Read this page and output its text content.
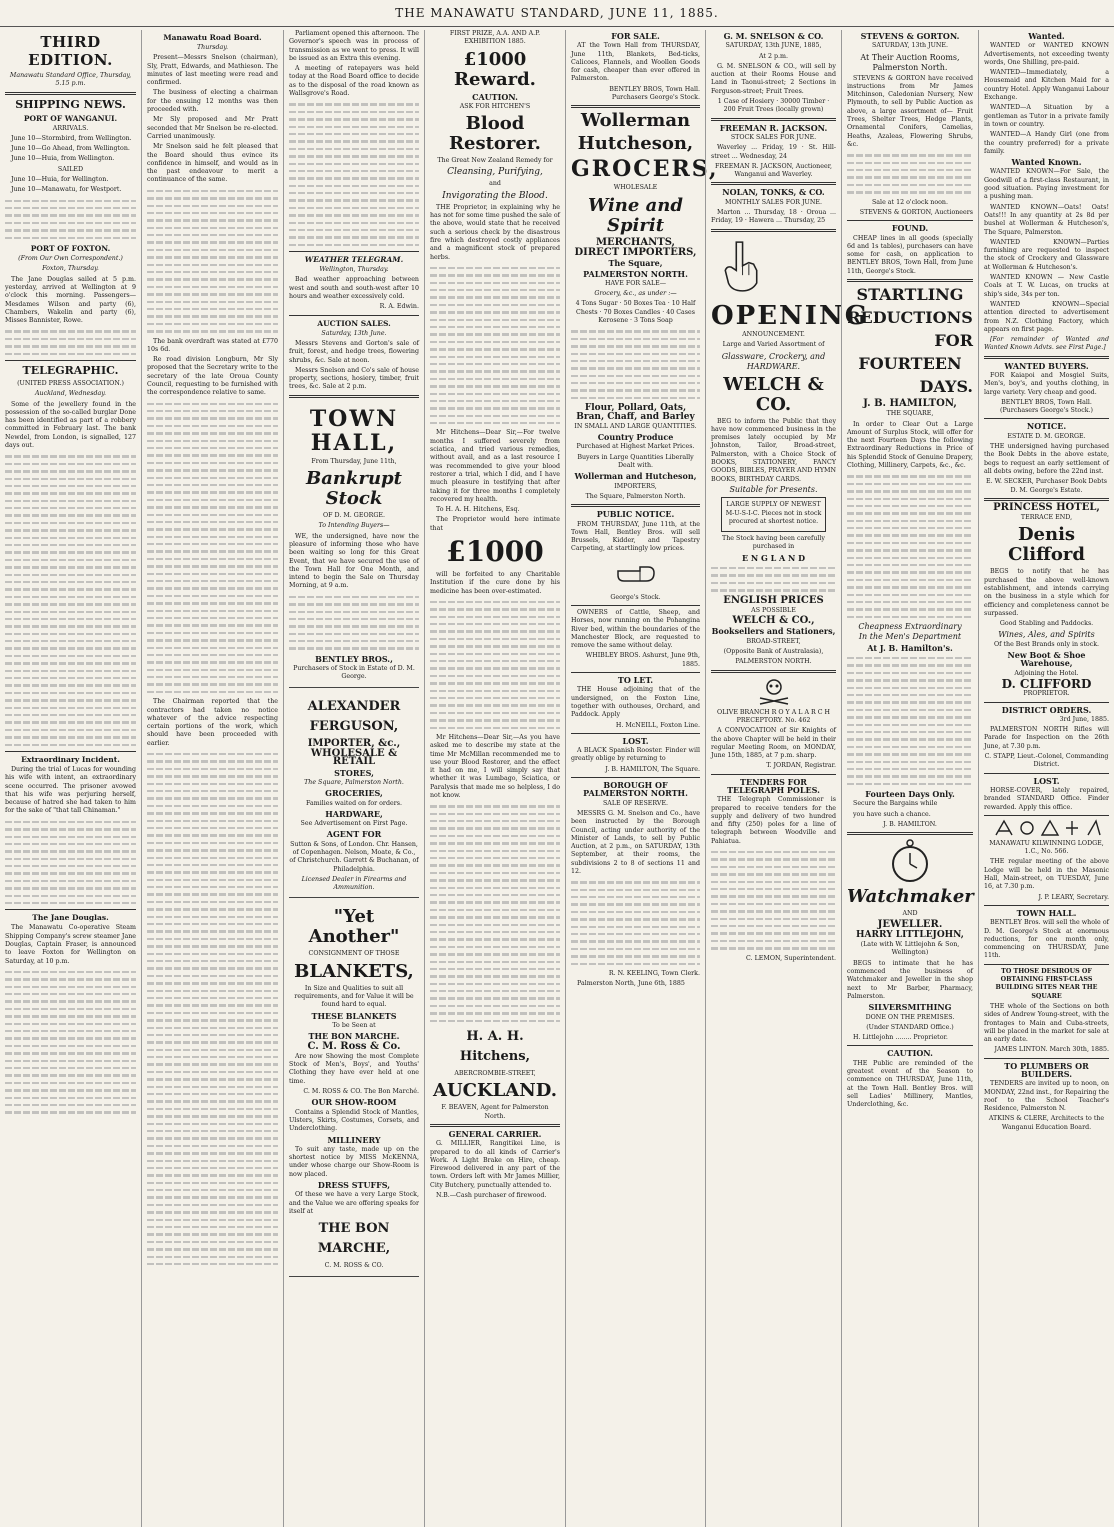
THE MANAWATU STANDARD, JUNE 11, 1885.
THIRD EDITION.

Manawatu Standard Office, Thursday, 5.15 p.m.

SHIPPING NEWS.
PORT OF WANGANUI.

ARRIVALS.

June 10—Stormbird, from Wellington.

June 10—Go Ahead, from Wellington.

June 10—Huia, from Wellington.

SAILED

June 10—Huia, for Wellington.

June 10—Manawatu, for Westport.

PORT OF FOXTON.

(From Our Own Correspondent.)

Foxton, Thursday.

The Jane Douglas sailed at 5 p.m. yesterday, arrived at Wellington at 9 o'clock this morning. Passengers—Mesdames Wilson and party (6), Chambers, Wakelin and party (6), Misses Bannister, Rowe.

TELEGRAPHIC.

(UNITED PRESS ASSOCIATION.)

Auckland, Wednesday.

Some of the jewellery found in the possession of the so-called burglar Done has been identified as part of a robbery committed in February last. The bank Newdel, from London, is signalled, 127 days out.

Extraordinary Incident.

During the trial of Lucas for wounding his wife with intent, an extraordinary scene occurred. The prisoner avowed that his wife was perjuring herself, because of hatred she had taken to him for the sake of "that tall Chinaman."

The Jane Douglas.

The Manawatu Co-operative Steam Shipping Company's screw steamer Jane Douglas, Captain Fraser, is announced to leave Foxton for Wellington on Saturday, at 10 p.m.

Manawatu Road Board.

Thursday.

Present—Messrs Snelson (chairman), Sly, Pratt, Edwards, and Mathieson. The minutes of last meeting were read and confirmed.

The business of electing a chairman for the ensuing 12 months was then proceeded with.

Mr Sly proposed and Mr Pratt seconded that Mr Snelson be re-elected. Carried unanimously.

Mr Snelson said he felt pleased that the Board should thus evince its confidence in himself, and would as in the past endeavour to merit a continuance of the same.

The bank overdraft was stated at £770 10s 6d.

Re road division Longburn, Mr Sly proposed that the Secretary write to the secretary of the late Oroua County Council, requesting to be furnished with the correspondence relative to same.

The Chairman reported that the contractors had taken no notice whatever of the advice respecting certain portions of the work, which should have been proceeded with earlier.

Parliament opened this afternoon. The Governor's speech was in process of transmission as we went to press. It will be issued as an Extra this evening.

A meeting of ratepayers was held today at the Road Board office to decide as to the disposal of the road known as Wallsgrove's Road.

WEATHER TELEGRAM.

Wellington, Thursday.

Bad weather approaching between west and south and south-west after 10 hours and weather excessively cold.

R. A. Edwin.

AUCTION SALES.

Saturday, 13th June.

Messrs Stevens and Gorton's sale of fruit, forest, and hedge trees, flowering shrubs, &c. Sale at noon.

Messrs Snelson and Co's sale of house property, sections, hosiery, timber, fruit trees, &c. Sale at 2 p.m.

TOWN HALL,

From Thursday, June 11th,

Bankrupt Stock

OF D. M. GEORGE.

To Intending Buyers—

WE, the undersigned, have now the pleasure of informing those who have been waiting so long for this Great Event, that we have secured the use of the Town Hall for One Month, and intend to begin the Sale on Thursday Morning, at 9 a.m.

BENTLEY BROS.,

Purchasers of Stock in Estate of D. M. George.

ALEXANDER FERGUSON,
IMPORTER, &c.,
WHOLESALE & RETAIL
STORES,

The Square, Palmerston North.

GROCERIES,

Families waited on for orders.

HARDWARE,

See Advertisement on First Page.

AGENT FOR

Sutton & Sons, of London. Chr. Hansen, of Copenhagen. Nelson, Moate, & Co., of Christchurch. Garrett & Buchanan, of Philadelphia.

Licensed Dealer in Firearms and Ammunition.

"Yet Another"

CONSIGNMENT OF THOSE

BLANKETS,

In Size and Qualities to suit all requirements, and for Value it will be found hard to equal.

THESE BLANKETS

To be Seen at

THE BON MARCHE.
C. M. Ross & Co.

Are now Showing the most Complete Stock of Men's, Boys', and Youths' Clothing they have ever held at one time.

C. M. ROSS & CO. The Bon Marché.

OUR SHOW-ROOM

Contains a Splendid Stock of Mantles, Ulsters, Skirts, Costumes, Corsets, and Underclothing.

MILLINERY

To suit any taste, made up on the shortest notice by MISS McKENNA, under whose charge our Show-Room is now placed.

DRESS STUFFS,

Of these we have a very Large Stock, and the Value we are offering speaks for itself at

THE BON MARCHE,

C. M. ROSS & CO.

FIRST PRIZE, A.A. AND A.P. EXHIBITION 1885.

£1000 Reward.
CAUTION.

ASK FOR HITCHEN'S

Blood Restorer.

The Great New Zealand Remedy for

Cleansing, Purifying,

and

Invigorating the Blood.

THE Proprietor, in explaining why he has not for some time pushed the sale of the above, would state that he received such a serious check by the disastrous fire which destroyed costly appliances and a magnificent stock of prepared herbs.

Mr Hitchens—Dear Sir,—For twelve months I suffered severely from sciatica, and tried various remedies, without avail, and as a last resource I was recommended to give your blood restorer a trial, which I did, and I have much pleasure in testifying that after taking it for three months I completely recovered my health.

To H. A. H. Hitchens, Esq.

The Proprietor would here intimate that

£1000

will be forfeited to any Charitable Institution if the cure done by his medicine has been over-estimated.

Mr Hitchens—Dear Sir,—As you have asked me to describe my state at the time Mr McMillan recommended me to use your Blood Restorer, and the effect it had on me, I will simply say that whether it was Lumbago, Sciatica, or Paralysis that made me so helpless, I do not know.

H. A. H. Hitchens,

ABERCROMBIE-STREET,

AUCKLAND.

F. BEAVEN, Agent for Palmerston North.

GENERAL CARRIER.

G. MILLIER, Rangitikei Line, is prepared to do all kinds of Carrier's Work. A Light Brake on Hire, cheap. Firewood delivered in any part of the town. Orders left with Mr James Millier, City Butchery, punctually attended to.

N.B.—Cash purchaser of firewood.

FOR SALE.

AT the Town Hall from THURSDAY, June 11th, Blankets, Bed-ticks, Calicoes, Flannels, and Woollen Goods for cash, cheaper than ever offered in Palmerston.

BENTLEY BROS, Town Hall. Purchasers George's Stock.

Wollerman
Hutcheson,
GROCERS,

WHOLESALE

Wine and Spirit
MERCHANTS,
DIRECT IMPORTERS,
The Square,
PALMERSTON NORTH.

HAVE FOR SALE—

Grocery, &c., as under :—

4 Tons Sugar · 50 Boxes Tea · 10 Half Chests · 70 Boxes Candles · 40 Cases Kerosene · 3 Tons Soap

Flour, Pollard, Oats, Bran, Chaff, and Barley

IN SMALL AND LARGE QUANTITIES.

Country Produce

Purchased at Highest Market Prices.

Buyers in Large Quantities Liberally Dealt with.

Wollerman and Hutcheson,

IMPORTERS,

The Square, Palmerston North.

PUBLIC NOTICE.

FROM THURSDAY, June 11th, at the Town Hall, Bentley Bros. will sell Brussels, Kidder, and Tapestry Carpeting, at startlingly low prices.

George's Stock.

OWNERS of Cattle, Sheep, and Horses, now running on the Pohangina River bed, within the boundaries of the Manchester Block, are requested to remove the same without delay.

WHIBLEY BROS. Ashurst, June 9th, 1885.

TO LET.

THE House adjoining that of the undersigned, on the Foxton Line, together with outhouses, Orchard, and Paddock. Apply

H. McNEILL, Foxton Line.

LOST.

A BLACK Spanish Rooster. Finder will greatly oblige by returning to

J. B. HAMILTON, The Square.

BOROUGH OF PALMERSTON NORTH.

SALE OF RESERVE.

MESSRS G. M. Snelson and Co., have been instructed by the Borough Council, acting under authority of the Minister of Lands, to sell by Public Auction, at 2 p.m., on SATURDAY, 13th September, at their rooms, the subdivisions 2 to 8 of sections 11 and 12.

R. N. KEELING, Town Clerk.

Palmerston North, June 6th, 1885

G. M. SNELSON & CO.

SATURDAY, 13th JUNE, 1885,

At 2 p.m.

G. M. SNELSON & CO., will sell by auction at their Rooms House and Land in Taonui-street; 2 Sections in Ferguson-street; Fruit Trees.

1 Case of Hosiery · 30000 Timber · 200 Fruit Trees (locally grown)

FREEMAN R. JACKSON.

STOCK SALES FOR JUNE.

Waverley ... Friday, 19 · St. Hill-street ... Wednesday, 24

FREEMAN R. JACKSON, Auctioneer, Wanganui and Waverley.

NOLAN, TONKS, & CO.

MONTHLY SALES FOR JUNE.

Marton ... Thursday, 18 · Oroua ... Friday, 19 · Hawera ... Thursday, 25

OPENING

ANNOUNCEMENT.

Large and Varied Assortment of

Glassware, Crockery, and HARDWARE.

WELCH & CO.

BEG to inform the Public that they have now commenced business in the premises lately occupied by Mr Johnston, Tailor, Broad-street, Palmerston, with a Choice Stock of BOOKS, STATIONERY, FANCY GOODS, BIBLES, PRAYER AND HYMN BOOKS, BIRTHDAY CARDS.

Suitable for Presents.

LARGE SUPPLY OF NEWEST M-U-S-I-C. Pieces not in stock procured at shortest notice.

The Stock having been carefully purchased in

E N G L A N D
ENGLISH PRICES

AS POSSIBLE

WELCH & CO.,
Booksellers and Stationers,

BROAD-STREET,

(Opposite Bank of Australasia),

PALMERSTON NORTH.

OLIVE BRANCH R O Y A L A R C H PRECEPTORY. No. 462

A CONVOCATION of Sir Knights of the above Chapter will be held in their regular Meeting Room, on MONDAY, June 15th, 1885, at 7 p.m. sharp.

T. JORDAN, Registrar.

TENDERS FOR TELEGRAPH POLES.

THE Telegraph Commissioner is prepared to receive tenders for the supply and delivery of two hundred and fifty (250) poles for a line of telegraph between Woodville and Pahiatua.

C. LEMON, Superintendent.

STEVENS & GORTON.

SATURDAY, 13th JUNE.

At Their Auction Rooms, Palmerston North.

STEVENS & GORTON have received instructions from Mr James Mitchinson, Caledonian Nursery, New Plymouth, to sell by Public Auction as above, a large assortment of— Fruit Trees, Shelter Trees, Hedge Plants, Ornamental Conifers, Camelias, Heaths, Azaleas, Flowering Shrubs, &c.

Sale at 12 o'clock noon.

STEVENS & GORTON, Auctioneers

FOUND.

CHEAP lines in all goods (specially 6d and 1s tables), purchasers can have some for cash, on application to BENTLEY BROS, Town Hall, from June 11th, George's Stock.

STARTLING
REDUCTIONS
FOR
FOURTEEN
DAYS.
J. B. HAMILTON,

THE SQUARE,

In order to Clear Out a Large Amount of Surplus Stock, will offer for the next Fourteen Days the following Extraordinary Reductions in Price of his Splendid Stock of Genuine Drapery, Clothing, Millinery, Carpets, &c., &c.

Cheapness Extraordinary

In the Men's Department

At J. B. Hamilton's.
Fourteen Days Only.

Secure the Bargains while

you have such a chance.

J. B. HAMILTON.

Watchmaker

AND

JEWELLER.
HARRY LITTLEJOHN,

(Late with W. Littlejohn & Son, Wellington)

BEGS to intimate that he has commenced the business of Watchmaker and Jeweller in the shop next to Mr Barber, Pharmacy, Palmerston.

SILVERSMITHING

DONE ON THE PREMISES.

(Under STANDARD Office.)

H. Littlejohn ........ Proprietor.

CAUTION.

THE Public are reminded of the greatest event of the Season to commence on THURSDAY, June 11th, at the Town Hall. Bentley Bros. will sell Ladies' Millinery, Mantles, Underclothing, &c.

Wanted.

WANTED or WANTED KNOWN Advertisements, not exceeding twenty words, One Shilling, pre-paid.

WANTED—Immediately, a Housemaid and Kitchen Maid for a country Hotel. Apply Wanganui Labour Exchange.

WANTED—A Situation by a gentleman as Tutor in a private family in town or country.

WANTED—A Handy Girl (one from the country preferred) for a private family.

Wanted Known.

WANTED KNOWN—For Sale, the Goodwill of a first-class Restaurant, in good situation. Paying investment for a pushing man.

WANTED KNOWN—Oats! Oats! Oats!!! In any quantity at 2s 8d per bushel at Wollerman & Hutcheson's, The Square, Palmerston.

WANTED KNOWN—Parties furnishing are requested to inspect the stock of Crockery and Glassware at Wollerman & Hutcheson's.

WANTED KNOWN — New Castle Coals at T. W. Lucas, on trucks at ship's side, 34s per ton.

WANTED KNOWN—Special attention directed to advertisement from N.Z. Clothing Factory, which appears on first page.

[For remainder of Wanted and Wanted Known Advts. see First Page.]

WANTED BUYERS.

FOR Kaiapoi and Mosgiel Suits, Men's, boy's, and youths clothing, in large variety. Very cheap and good.

BENTLEY BROS, Town Hall. (Purchasers George's Stock.)

NOTICE.

ESTATE D. M. GEORGE.

THE undersigned having purchased the Book Debts in the above estate, begs to request an early settlement of all debts owing, before the 22nd inst.

E. W. SECKER, Purchaser Book Debts D. M. George's Estate.

PRINCESS HOTEL,

TERRACE END,

Denis Clifford

BEGS to notify that he has purchased the above well-known establishment, and intends carrying on the business in a style which for efficiency and completeness cannot be surpassed.

Good Stabling and Paddocks.

Wines, Ales, and Spirits

Of the Best Brands only in stock.

New Boot & Shoe Warehouse,

Adjoining the Hotel.

D. CLIFFORD

PROPRIETOR.

DISTRICT ORDERS.

3rd June, 1885.

PALMERSTON NORTH Rifles will Parade for Inspection on the 26th June, at 7.30 p.m.

C. STAPP, Lieut.-Colonel, Commanding District.

LOST.

HORSE-COVER, lately repaired, branded STANDARD Office. Finder rewarded. Apply this office.

MANAWATU KILWINNING LODGE, 1.C., No. 566.

THE regular meeting of the above Lodge will be held in the Masonic Hall, Main-street, on TUESDAY, June 16, at 7.30 p.m.

J. P. LEARY, Secretary.

TOWN HALL.

BENTLEY Bros. will sell the whole of D. M. George's Stock at enormous reductions, for one month only, commencing on THURSDAY, June 11th.

TO THOSE DESIROUS OF OBTAINING FIRST-CLASS BUILDING SITES NEAR THE SQUARE

THE whole of the Sections on both sides of Andrew Young-street, with the frontages to Main and Cuba-streets, will be placed in the market for sale at an early date.

JAMES LINTON. March 30th, 1885.

TO PLUMBERS OR BUILDERS.

TENDERS are invited up to noon, on MONDAY, 22nd inst., for Repairing the roof to the School Teacher's Residence, Palmerston N.

ATKINS & CLERE, Architects to the Wanganui Education Board.
